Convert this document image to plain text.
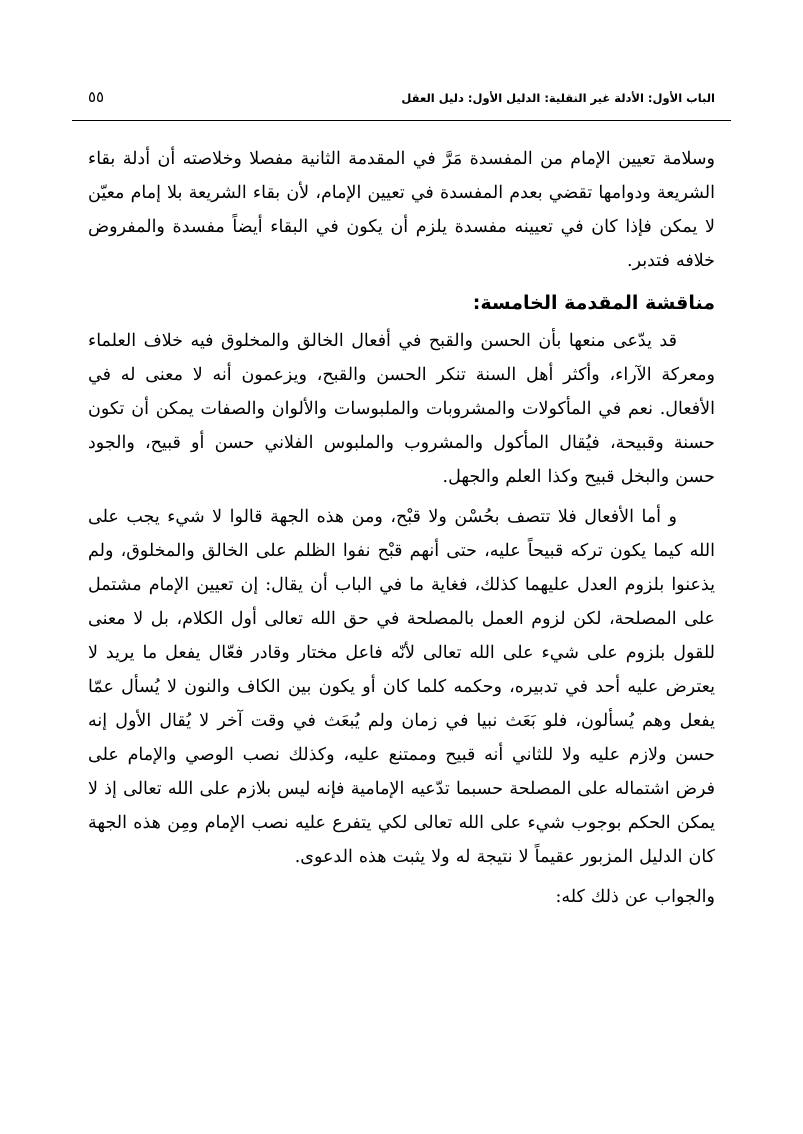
الباب الأول: الأدلة غير النقلية: الدليل الأول: دليل العقل
٥٥

وسلامة تعيين الإمام من المفسدة مَرَّ في المقدمة الثانية مفصلا وخلاصته أن أدلة بقاء الشريعة ودوامها تقضي بعدم المفسدة في تعيين الإمام، لأن بقاء الشريعة بلا إمام معيّن لا يمكن فإذا كان في تعيينه مفسدة يلزم أن يكون في البقاء أيضاً مفسدة والمفروض خلافه فتدبر.

مناقشة المقدمة الخامسة:

قد يدّعى منعها بأن الحسن والقبح في أفعال الخالق والمخلوق فيه خلاف العلماء ومعركة الآراء، وأكثر أهل السنة تنكر الحسن والقبح، ويزعمون أنه لا معنى له في الأفعال. نعم في المأكولات والمشروبات والملبوسات والألوان والصفات يمكن أن تكون حسنة وقبيحة، فيُقال المأكول والمشروب والملبوس الفلاني حسن أو قبيح، والجود حسن والبخل قبيح وكذا العلم والجهل.

و أما الأفعال فلا تتصف بحُسْن ولا قبْح، ومن هذه الجهة قالوا لا شيء يجب على الله كيما يكون تركه قبيحاً عليه، حتى أنهم قبْح نفوا الظلم على الخالق والمخلوق، ولم يذعنوا بلزوم العدل عليهما كذلك، فغاية ما في الباب أن يقال: إن تعيين الإمام مشتمل على المصلحة، لكن لزوم العمل بالمصلحة في حق الله تعالى أول الكلام، بل لا معنى للقول بلزوم على شيء على الله تعالى لأنّه فاعل مختار وقادر فعّال يفعل ما يريد لا يعترض عليه أحد في تدبيره، وحكمه كلما كان أو يكون بين الكاف والنون لا يُسأل عمّا يفعل وهم يُسألون، فلو بَعَث نبيا في زمان ولم يُبعَث في وقت آخر لا يُقال الأول إنه حسن ولازم عليه ولا للثاني أنه قبيح وممتنع عليه، وكذلك نصب الوصي والإمام على فرض اشتماله على المصلحة حسبما تدّعيه الإمامية فإنه ليس بلازم على الله تعالى إذ لا يمكن الحكم بوجوب شيء على الله تعالى لكي يتفرع عليه نصب الإمام ومِن هذه الجهة كان الدليل المزبور عقيماً لا نتيجة له ولا يثبت هذه الدعوى.

والجواب عن ذلك كله:
